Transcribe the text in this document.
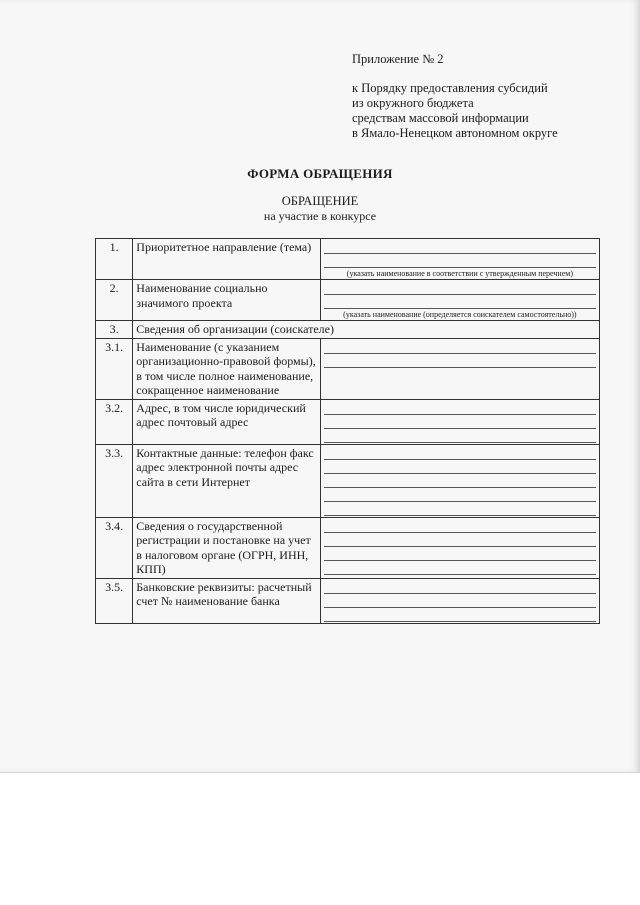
Приложение № 2
к Порядку предоставления субсидий
из окружного бюджета
средствам массовой информации
в Ямало-Ненецком автономном округе
ФОРМА ОБРАЩЕНИЯ
ОБРАЩЕНИЕ
на участие в конкурсе
1.	Приоритетное направление (тема)	(указать наименование в соответствии с утвержденным перечнем)

2.	Наименование социально значимого проекта	(указать наименование (определяется соискателем самостоятельно))

3.	Сведения об организации (соискателе)	
3.1.	Наименование (с указанием организационно-правовой формы), в том числе полное наименование, сокращенное наименование	

3.2.	Адрес, в том числе юридический адрес почтовый адрес	

3.3.	Контактные данные: телефон факс адрес электронной почты адрес сайта в сети Интернет	

3.4.	Сведения о государственной регистрации и постановке на учет в налоговом органе (ОГРН, ИНН, КПП)	

3.5.	Банковские реквизиты: расчетный счет № наименование банка	
